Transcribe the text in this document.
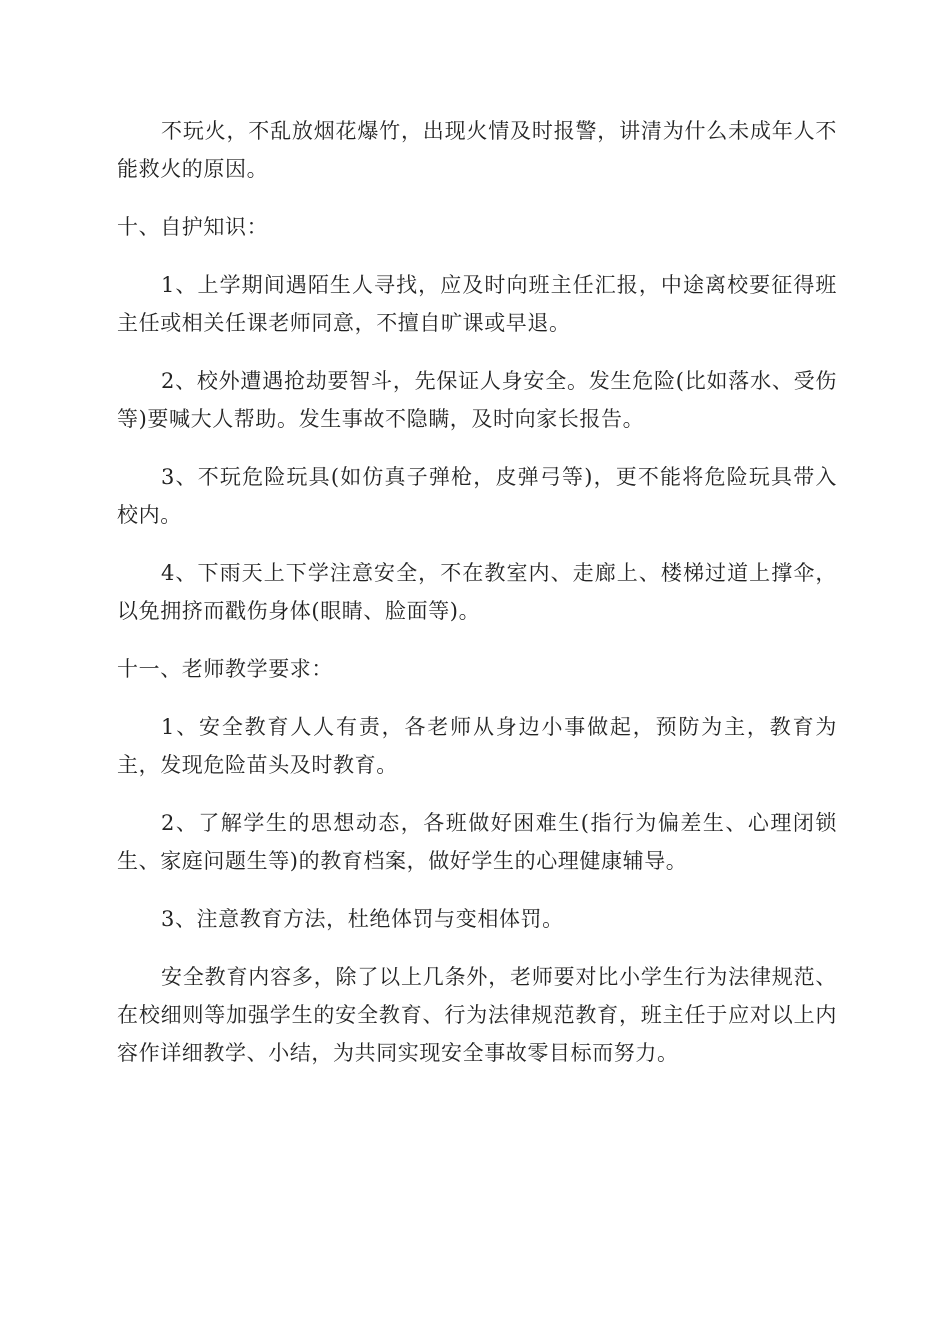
不玩火，不乱放烟花爆竹，出现火情及时报警，讲清为什么未成年人不能救火的原因。

十、自护知识：

1、上学期间遇陌生人寻找，应及时向班主任汇报，中途离校要征得班主任或相关任课老师同意，不擅自旷课或早退。

2、校外遭遇抢劫要智斗，先保证人身安全。发生危险(比如落水、受伤等)要喊大人帮助。发生事故不隐瞒，及时向家长报告。

3、不玩危险玩具(如仿真子弹枪，皮弹弓等)，更不能将危险玩具带入校内。

4、下雨天上下学注意安全，不在教室内、走廊上、楼梯过道上撑伞，以免拥挤而戳伤身体(眼睛、脸面等)。

十一、老师教学要求：

1、安全教育人人有责，各老师从身边小事做起，预防为主，教育为主，发现危险苗头及时教育。

2、了解学生的思想动态，各班做好困难生(指行为偏差生、心理闭锁生、家庭问题生等)的教育档案，做好学生的心理健康辅导。

3、注意教育方法，杜绝体罚与变相体罚。

安全教育内容多，除了以上几条外，老师要对比小学生行为法律规范、在校细则等加强学生的安全教育、行为法律规范教育，班主任于应对以上内容作详细教学、小结，为共同实现安全事故零目标而努力。
